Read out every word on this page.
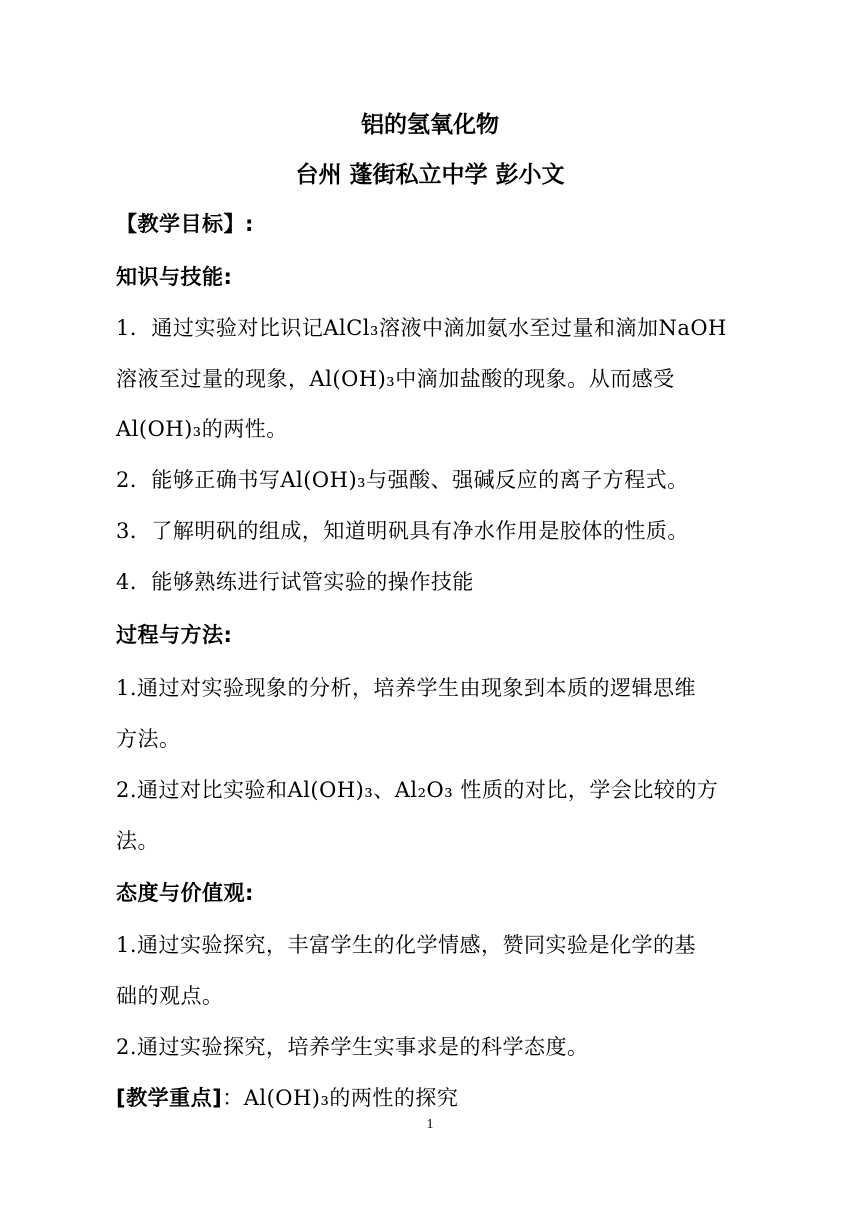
铝的氢氧化物
台州 蓬街私立中学 彭小文
【教学目标】:
知识与技能:
1．通过实验对比识记AlCl₃溶液中滴加氨水至过量和滴加NaOH
溶液至过量的现象，Al(OH)₃中滴加盐酸的现象。从而感受
Al(OH)₃的两性。
2．能够正确书写Al(OH)₃与强酸、强碱反应的离子方程式。
3．了解明矾的组成，知道明矾具有净水作用是胶体的性质。
4．能够熟练进行试管实验的操作技能
过程与方法:
1.通过对实验现象的分析，培养学生由现象到本质的逻辑思维
方法。
2.通过对比实验和Al(OH)₃、Al₂O₃ 性质的对比，学会比较的方
法。
态度与价值观:
1.通过实验探究，丰富学生的化学情感，赞同实验是化学的基
础的观点。
2.通过实验探究，培养学生实事求是的科学态度。
[教学重点]：Al(OH)₃的两性的探究
1
